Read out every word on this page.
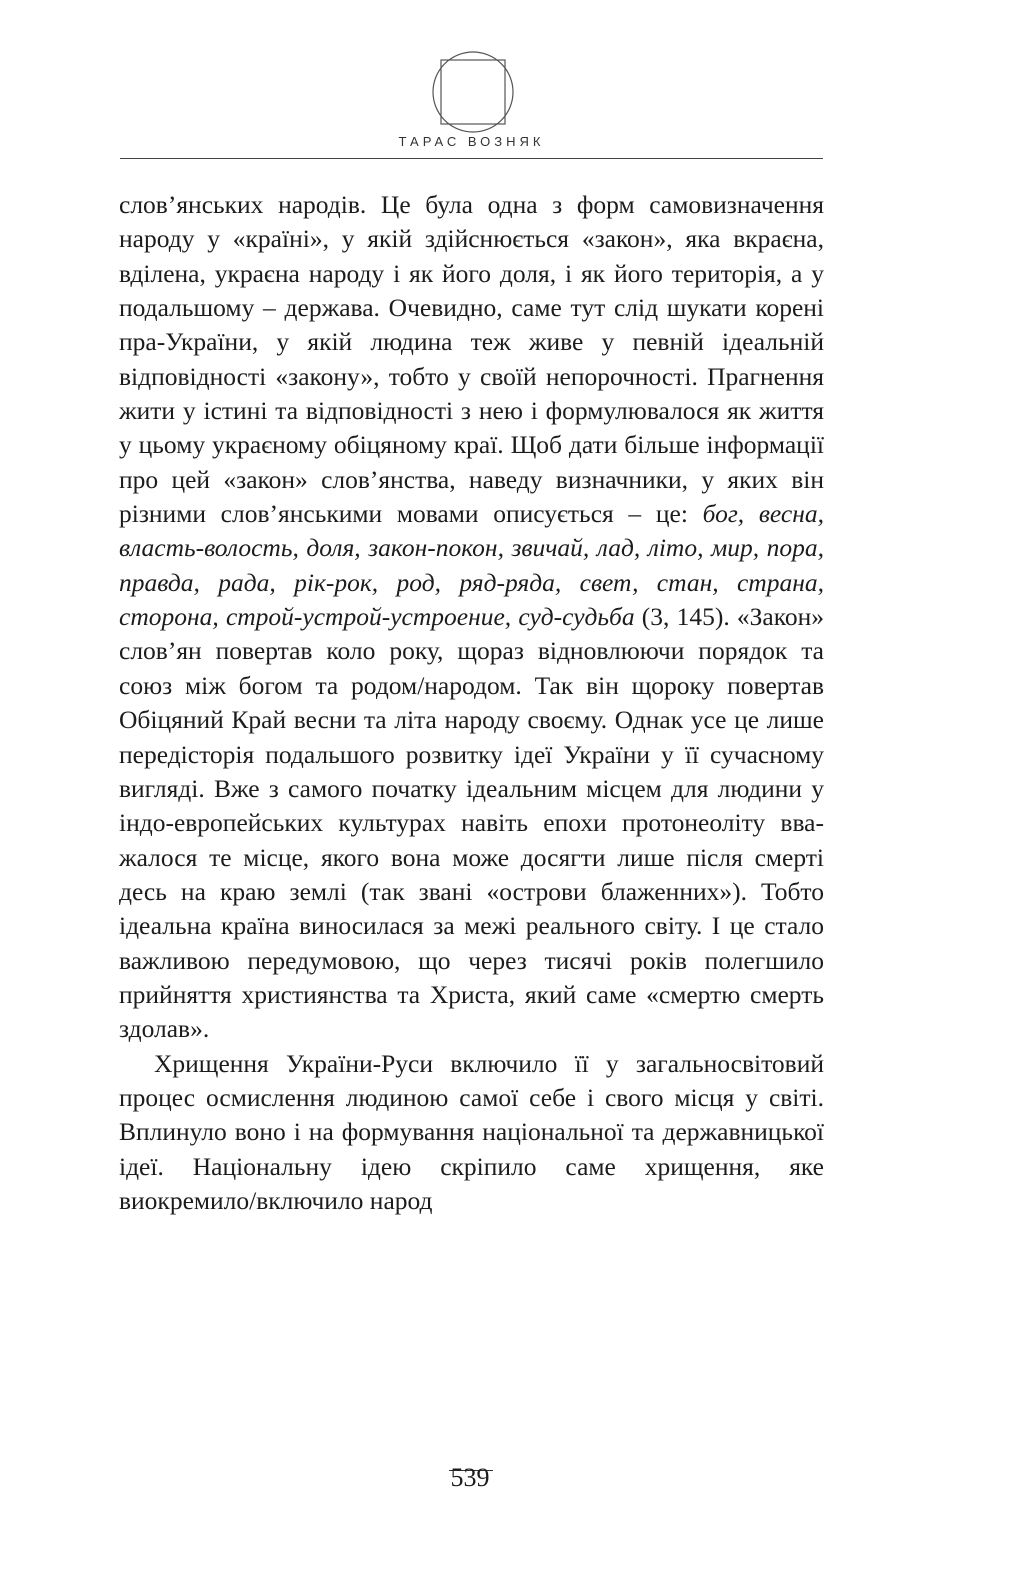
ТАРАС ВОЗНЯК

слов’янських народів. Це була одна з форм самовизначення народу у «країні», у якій здійснюється «закон», яка вкраєна, вділена, украєна народу і як його доля, і як його територія, а у подальшому – держава. Очевидно, саме тут слід шукати корені пра-України, у якій людина теж живе у певній ідеальній відповідності «закону», тобто у своїй непорочності. Прагнення жити у істині та відповідності з нею і формулювалося як життя у цьому украєному обіцяному краї. Щоб дати більше інформації про цей «закон» слов’янства, наведу визначники, у яких він різними слов’янськими мовами описується – це: бог, весна, власть-волость, доля, закон-покон, звичай, лад, літо, мир, пора, правда, рада, рік-рок, род, ряд-ряда, свет, стан, страна, сторона, строй-устрой-устроение, суд-судьба (3, 145). «Закон» слов’ян повертав коло року, щораз відновлюючи порядок та союз між богом та родом/народом. Так він щороку повертав Обіцяний Край весни та літа народу своєму. Однак усе це лише передісторія подальшого розвитку ідеї України у її сучасному вигляді. Вже з самого початку ідеальним місцем для людини у індо-европейських культурах навіть епохи протонеоліту вважалося те місце, якого вона може досягти лише після смерті десь на краю землі (так звані «острови блаженних»). Тобто ідеальна країна виносилася за межі реального світу. І це стало важливою передумовою, що через тисячі років полегшило прийняття християнства та Христа, який саме «смертю смерть здолав».

Хрищення України-Руси включило її у загальносвітовий процес осмислення людиною самої себе і свого місця у світі. Вплинуло воно і на формування національної та державницької ідеї. Національну ідею скріпило саме хрищення, яке виокремило/включило народ

539
